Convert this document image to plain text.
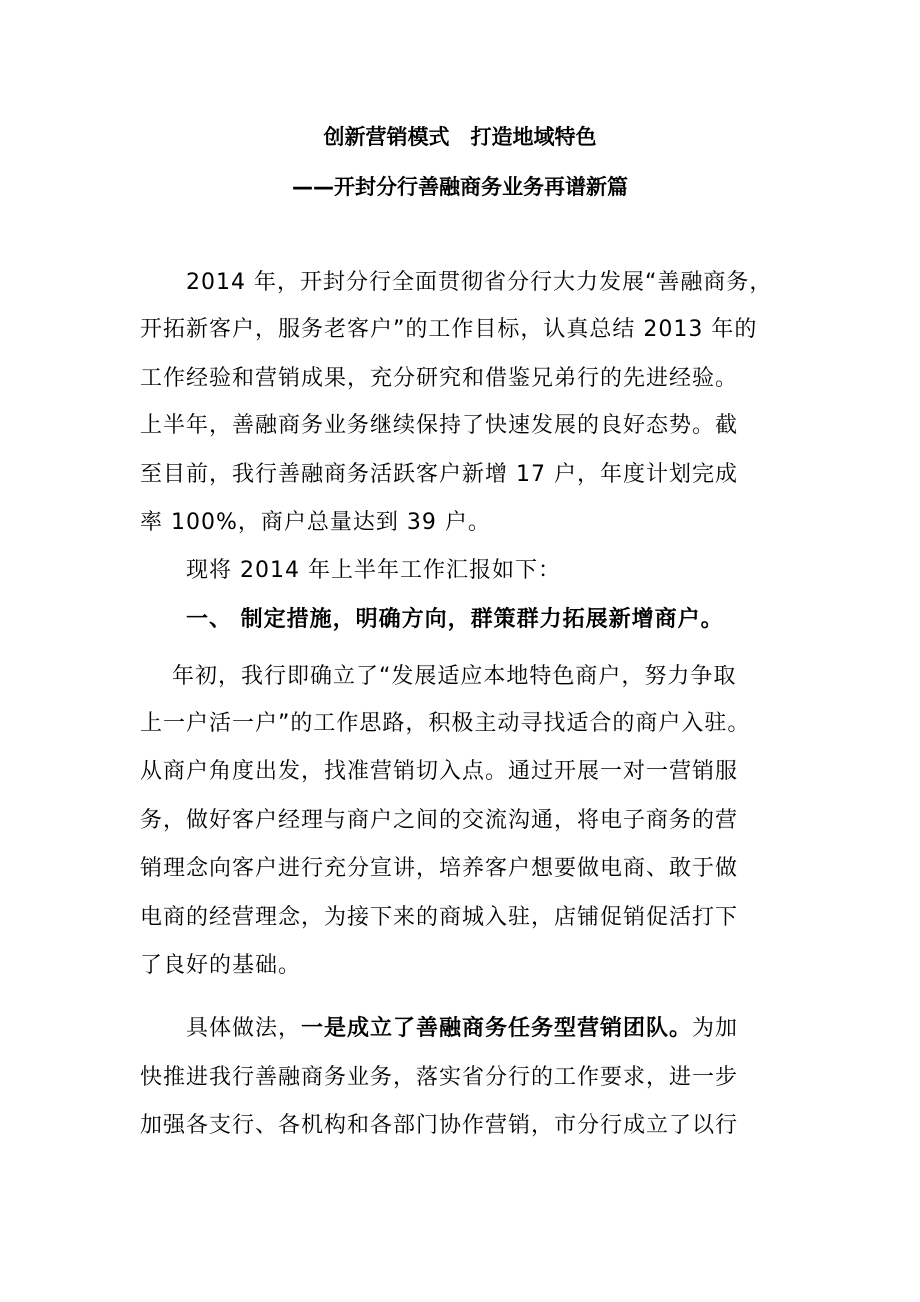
创新营销模式　打造地域特色
——开封分行善融商务业务再谱新篇
2014 年，开封分行全面贯彻省分行大力发展“善融商务，
开拓新客户，服务老客户”的工作目标，认真总结 2013 年的
工作经验和营销成果，充分研究和借鉴兄弟行的先进经验。
上半年，善融商务业务继续保持了快速发展的良好态势。截
至目前，我行善融商务活跃客户新增 17 户，年度计划完成
率 100%，商户总量达到 39 户。
现将 2014 年上半年工作汇报如下：
一、 制定措施，明确方向，群策群力拓展新增商户。
年初，我行即确立了“发展适应本地特色商户，努力争取
上一户活一户”的工作思路，积极主动寻找适合的商户入驻。
从商户角度出发，找准营销切入点。通过开展一对一营销服
务，做好客户经理与商户之间的交流沟通，将电子商务的营
销理念向客户进行充分宣讲，培养客户想要做电商、敢于做
电商的经营理念，为接下来的商城入驻，店铺促销促活打下
了良好的基础。
具体做法，一是成立了善融商务任务型营销团队。为加
快推进我行善融商务业务，落实省分行的工作要求，进一步
加强各支行、各机构和各部门协作营销，市分行成立了以行
